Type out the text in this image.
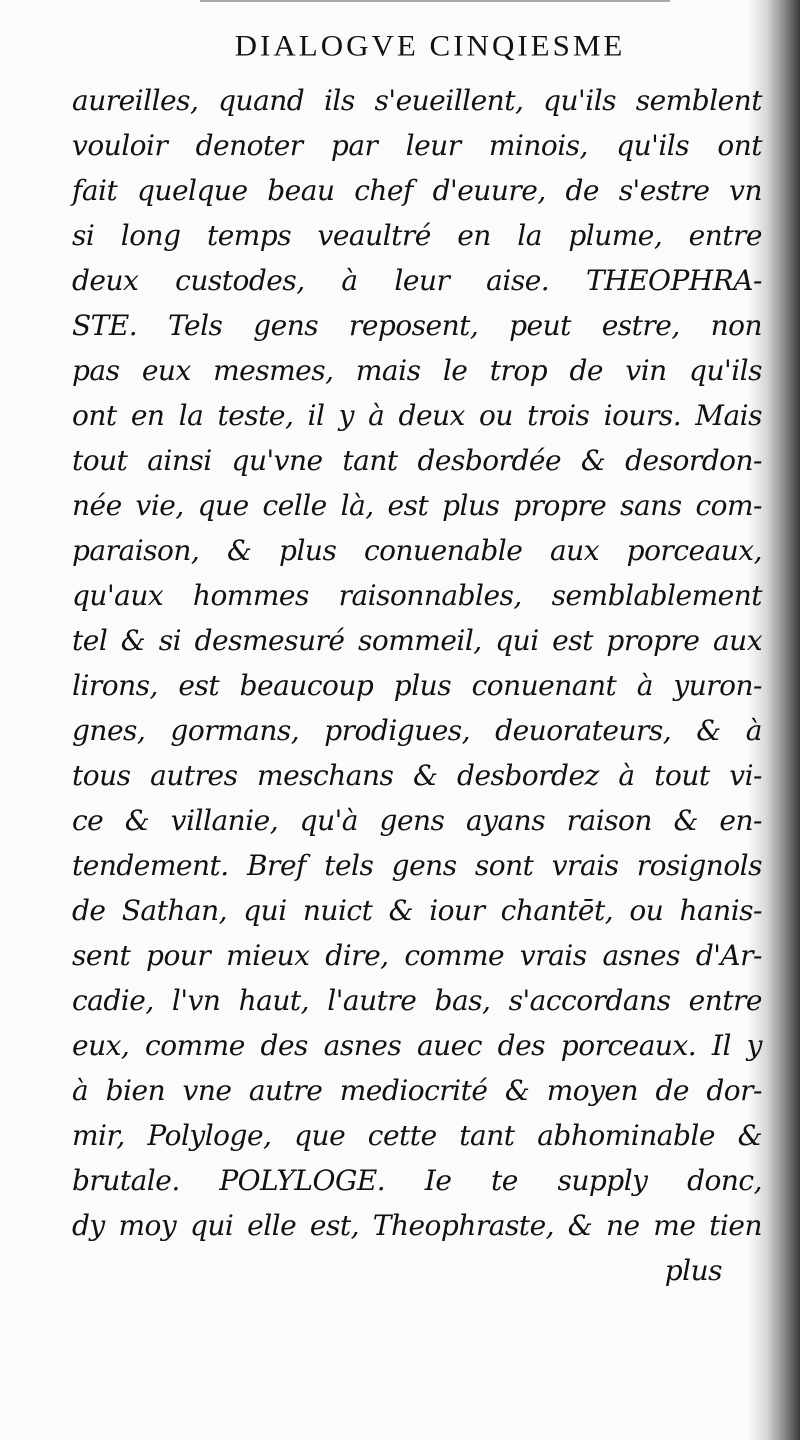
DIALOGVE CINQIESME
aureilles, quand ils s'eueillent, qu'ils semblent
vouloir denoter par leur minois, qu'ils ont
fait quelque beau chef d'euure, de s'estre vn
si long temps veaultré en la plume, entre
deux custodes, à leur aise. THEOPHRA-
STE. Tels gens reposent, peut estre, non
pas eux mesmes, mais le trop de vin qu'ils
ont en la teste, il y à deux ou trois iours. Mais
tout ainsi qu'vne tant desbordée & desordon-
née vie, que celle là, est plus propre sans com-
paraison, & plus conuenable aux porceaux,
qu'aux hommes raisonnables, semblablement
tel & si desmesuré sommeil, qui est propre aux
lirons, est beaucoup plus conuenant à yuron-
gnes, gormans, prodigues, deuorateurs, & à
tous autres meschans & desbordez à tout vi-
ce & villanie, qu'à gens ayans raison & en-
tendement. Bref tels gens sont vrais rosignols
de Sathan, qui nuict & iour chantēt, ou hanis-
sent pour mieux dire, comme vrais asnes d'Ar-
cadie, l'vn haut, l'autre bas, s'accordans entre
eux, comme des asnes auec des porceaux. Il y
à bien vne autre mediocrité & moyen de dor-
mir, Polyloge, que cette tant abhominable &
brutale. POLYLOGE. Ie te supply donc,
dy moy qui elle est, Theophraste, & ne me tien
plus
